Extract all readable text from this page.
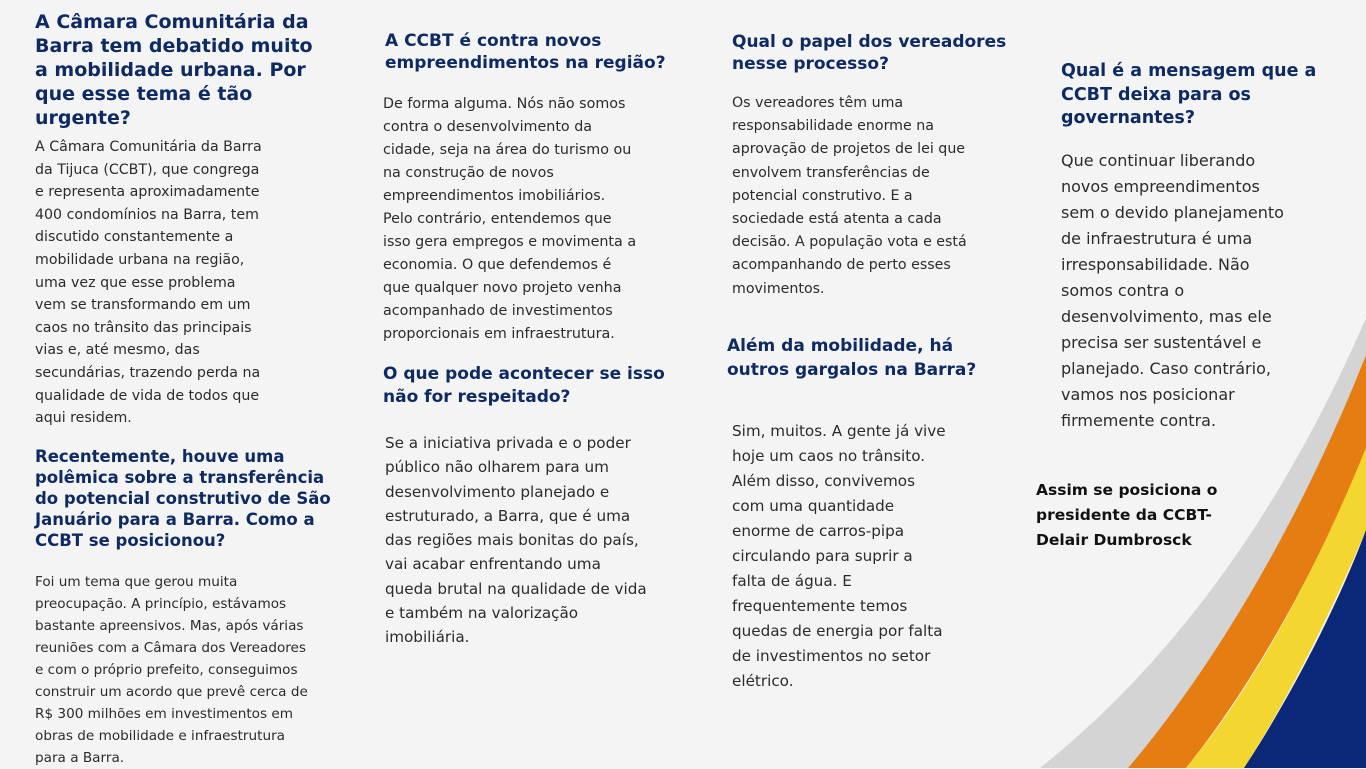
A Câmara Comunitária da Barra tem debatido muito a mobilidade urbana. Por que esse tema é tão urgente?

A Câmara Comunitária da Barra
da Tijuca (CCBT), que congrega
e representa aproximadamente
400 condomínios na Barra, tem
discutido constantemente a
mobilidade urbana na região,
uma vez que esse problema
vem se transformando em um
caos no trânsito das principais
vias e, até mesmo, das
secundárias, trazendo perda na
qualidade de vida de todos que
aqui residem.

Recentemente, houve uma polêmica sobre a transferência do potencial construtivo de São Januário para a Barra. Como a CCBT se posicionou?

Foi um tema que gerou muita
preocupação. A princípio, estávamos
bastante apreensivos. Mas, após várias
reuniões com a Câmara dos Vereadores
e com o próprio prefeito, conseguimos
construir um acordo que prevê cerca de
R$ 300 milhões em investimentos em
obras de mobilidade e infraestrutura
para a Barra.

A CCBT é contra novos empreendimentos na região?

De forma alguma. Nós não somos
contra o desenvolvimento da
cidade, seja na área do turismo ou
na construção de novos
empreendimentos imobiliários.
Pelo contrário, entendemos que
isso gera empregos e movimenta a
economia. O que defendemos é
que qualquer novo projeto venha
acompanhado de investimentos
proporcionais em infraestrutura.

O que pode acontecer se isso não for respeitado?

Se a iniciativa privada e o poder
público não olharem para um
desenvolvimento planejado e
estruturado, a Barra, que é uma
das regiões mais bonitas do país,
vai acabar enfrentando uma
queda brutal na qualidade de vida
e também na valorização
imobiliária.

Qual o papel dos vereadores nesse processo?

Os vereadores têm uma
responsabilidade enorme na
aprovação de projetos de lei que
envolvem transferências de
potencial construtivo. E a
sociedade está atenta a cada
decisão. A população vota e está
acompanhando de perto esses
movimentos.

Além da mobilidade, há outros gargalos na Barra?

Sim, muitos. A gente já vive
hoje um caos no trânsito.
Além disso, convivemos
com uma quantidade
enorme de carros-pipa
circulando para suprir a
falta de água. E
frequentemente temos
quedas de energia por falta
de investimentos no setor
elétrico.

Qual é a mensagem que a CCBT deixa para os governantes?

Que continuar liberando
novos empreendimentos
sem o devido planejamento
de infraestrutura é uma
irresponsabilidade. Não
somos contra o
desenvolvimento, mas ele
precisa ser sustentável e
planejado. Caso contrário,
vamos nos posicionar
firmemente contra.

Assim se posiciona o
presidente da CCBT-
Delair Dumbrosck
